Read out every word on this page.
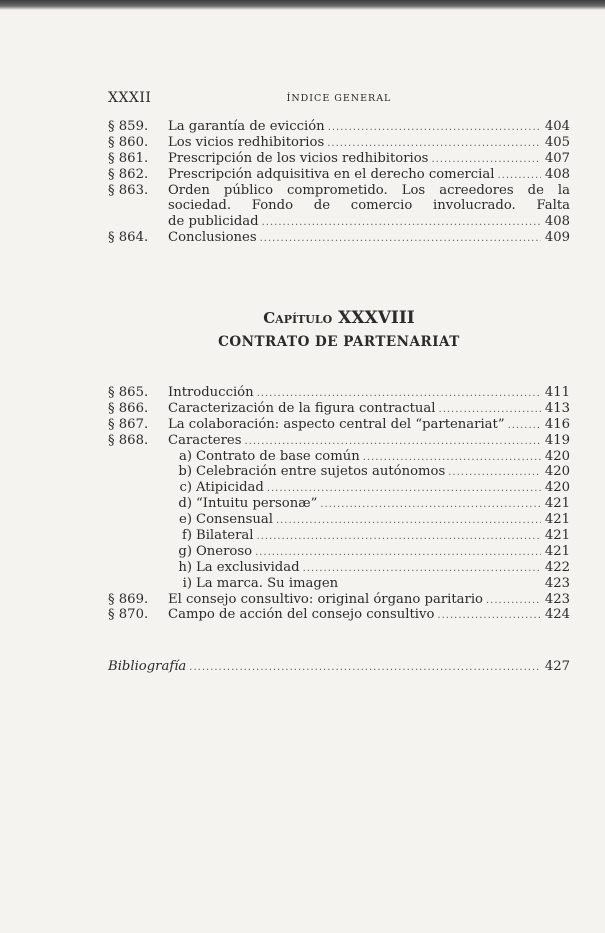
XXXII	ÍNDICE GENERAL
§ 859.	La garantía de evicción .....	404
§ 860.	Los vicios redhibitorios .....	405
§ 861.	Prescripción de los vicios redhibitorios .....	407
§ 862.	Prescripción adquisitiva en el derecho comercial .....	408
§ 863.	Orden público comprometido. Los acreedores de la
sociedad. Fondo de comercio involucrado. Falta
de publicidad .....	408
§ 864.	Conclusiones .....	409
Capítulo XXXVIII
CONTRATO DE PARTENARIAT
§ 865.	Introducción .....	411
§ 866.	Caracterización de la figura contractual .....	413
§ 867.	La colaboración: aspecto central del “partenariat” .....	416
§ 868.	Caracteres .....	419
a) Contrato de base común .....	420
b) Celebración entre sujetos autónomos .....	420
c) Atipicidad .....	420
d) “Intuitu personæ” .....	421
e) Consensual .....	421
f) Bilateral .....	421
g) Oneroso .....	421
h) La exclusividad .....	422
i) La marca. Su imagen	423
§ 869.	El consejo consultivo: original órgano paritario .....	423
§ 870.	Campo de acción del consejo consultivo .....	424
Bibliografía .....	427
